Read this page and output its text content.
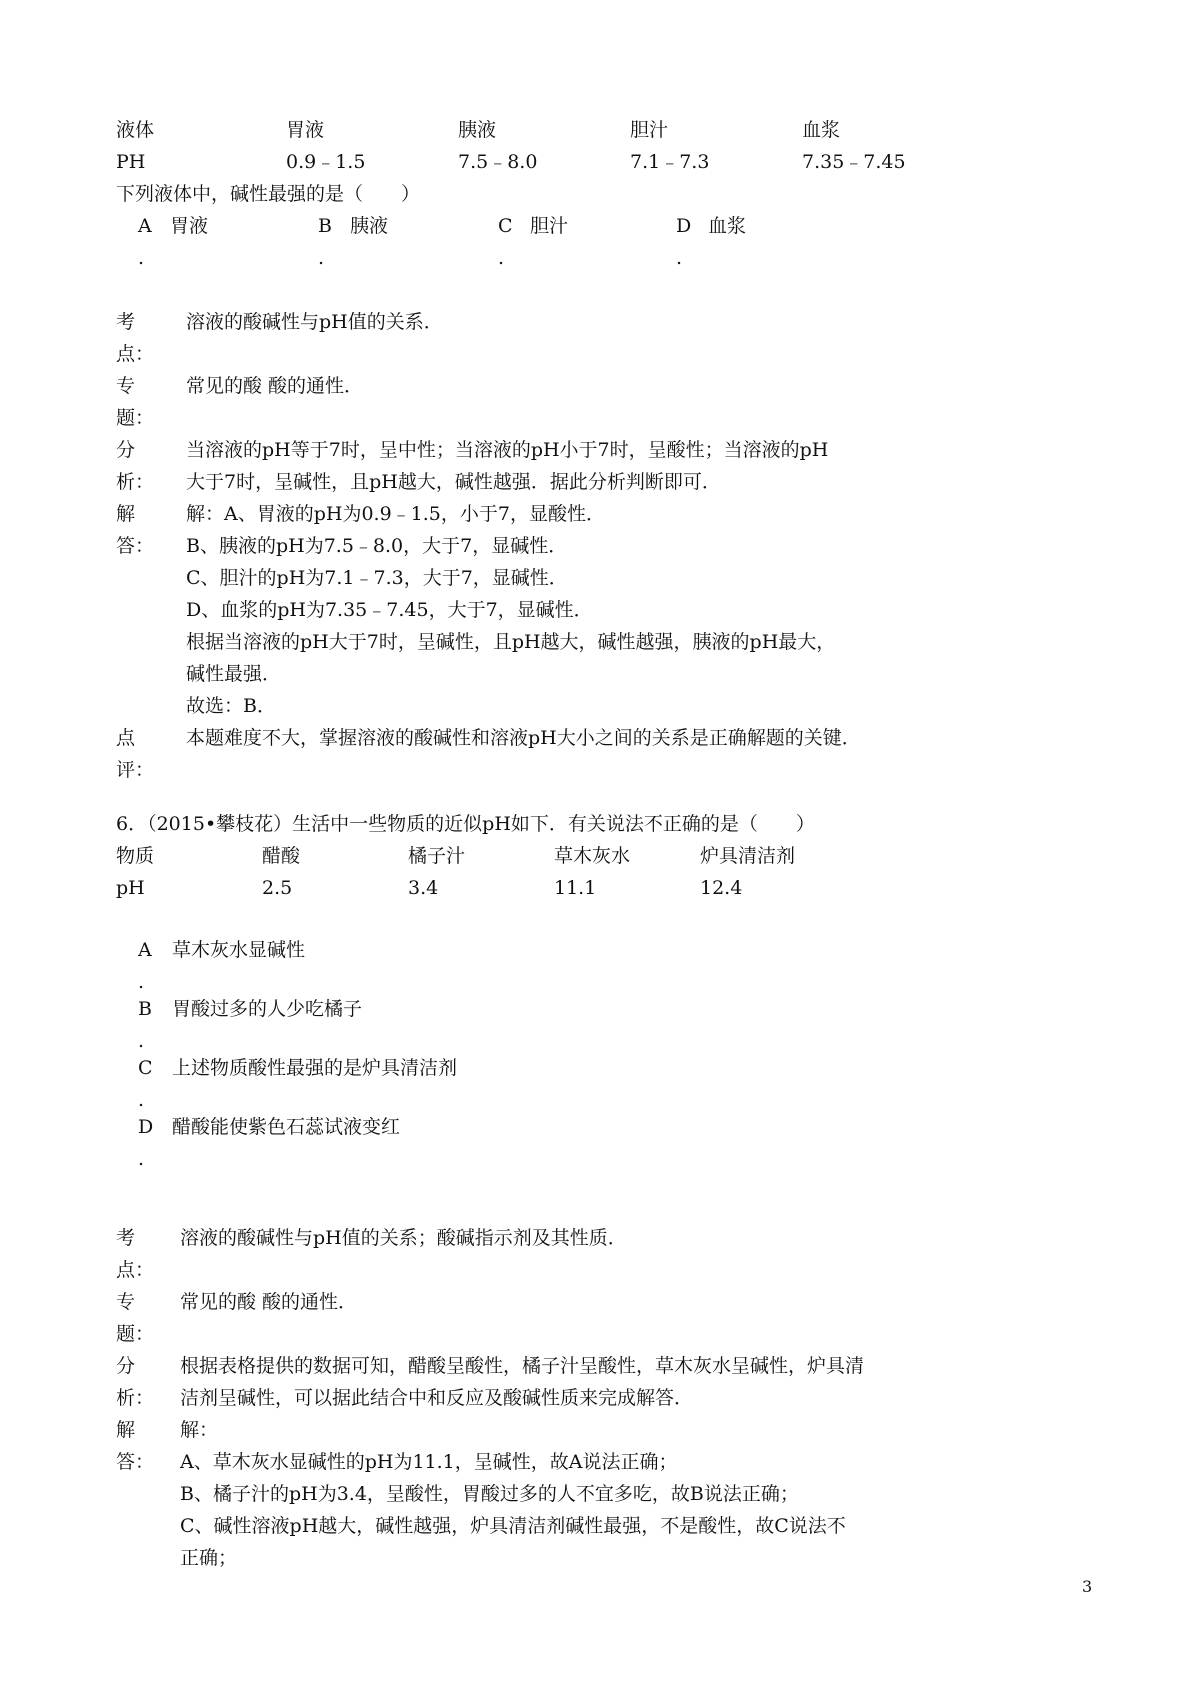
液体	胃液	胰液	胆汁	血浆
PH	0.9﹣1.5	7.5﹣8.0	7.1﹣7.3	7.35﹣7.45
下列液体中，碱性最强的是（　　）
A 胃液	B 胰液	C 胆汁	D 血浆
.	.	.	.
考
点：
溶液的酸碱性与pH值的关系．
专
题：
常见的酸 酸的通性．
分
析：
当溶液的pH等于7时，呈中性；当溶液的pH小于7时，呈酸性；当溶液的pH
大于7时，呈碱性，且pH越大，碱性越强．据此分析判断即可．
解
答：
解：A、胃液的pH为0.9﹣1.5，小于7，显酸性．
B、胰液的pH为7.5﹣8.0，大于7，显碱性．
C、胆汁的pH为7.1﹣7.3，大于7，显碱性．
D、血浆的pH为7.35﹣7.45，大于7，显碱性．
根据当溶液的pH大于7时，呈碱性，且pH越大，碱性越强，胰液的pH最大，
碱性最强．
故选：B．
点
评：
本题难度不大，掌握溶液的酸碱性和溶液pH大小之间的关系是正确解题的关键．
6．（2015•攀枝花）生活中一些物质的近似pH如下．有关说法不正确的是（　　）
物质	醋酸	橘子汁	草木灰水	炉具清洁剂
pH	2.5	3.4	11.1	12.4
A	草木灰水显碱性
.
B	胃酸过多的人少吃橘子
.
C	上述物质酸性最强的是炉具清洁剂
.
D 醋酸能使紫色石蕊试液变红
.
考
点：
溶液的酸碱性与pH值的关系；酸碱指示剂及其性质．
专
题：
常见的酸 酸的通性．
分
析：
根据表格提供的数据可知，醋酸呈酸性，橘子汁呈酸性，草木灰水呈碱性，炉具清
洁剂呈碱性，可以据此结合中和反应及酸碱性质来完成解答．
解
答：
解：
A、草木灰水显碱性的pH为11.1，呈碱性，故A说法正确；
B、橘子汁的pH为3.4，呈酸性，胃酸过多的人不宜多吃，故B说法正确；
C、碱性溶液pH越大，碱性越强，炉具清洁剂碱性最强，不是酸性，故C说法不
正确；
3
